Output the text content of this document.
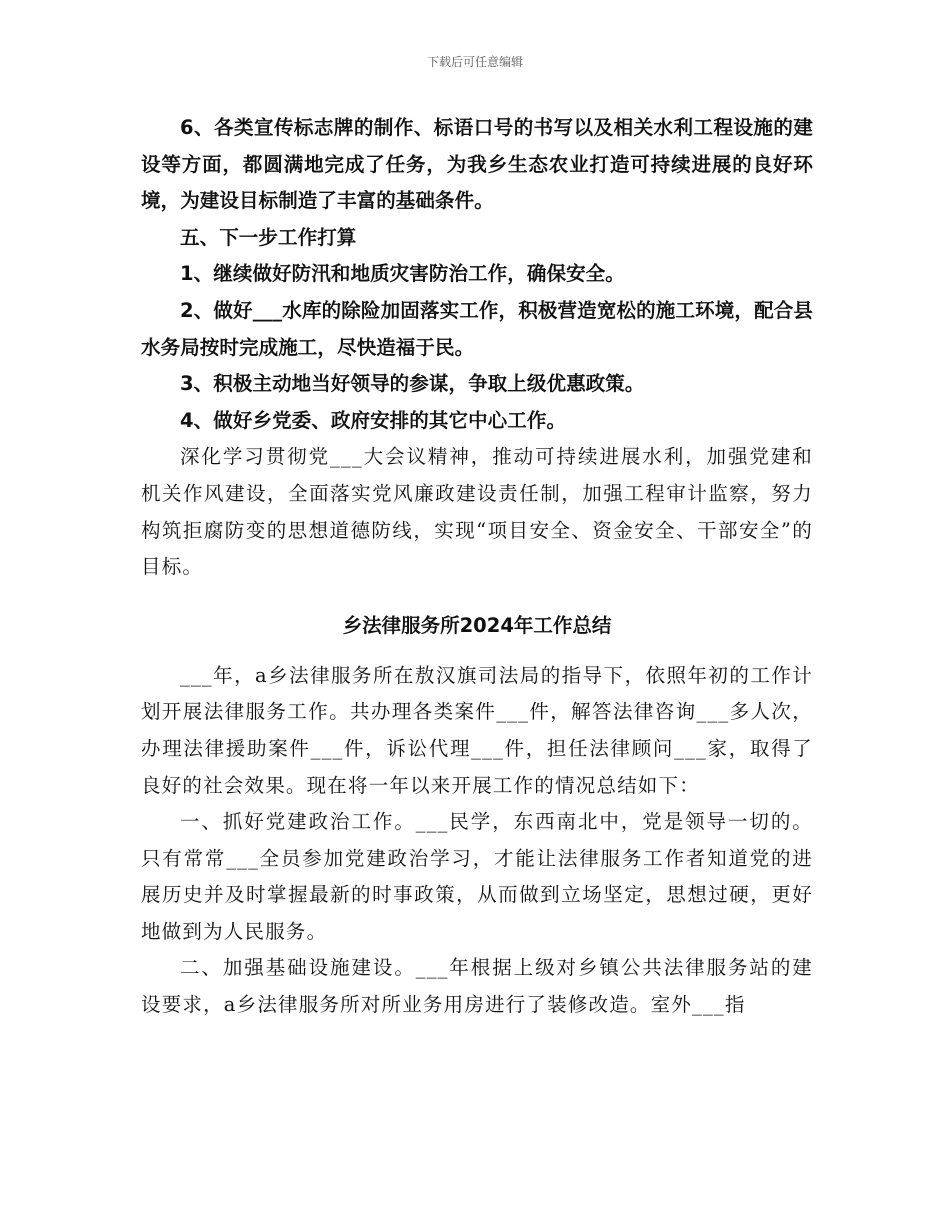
下载后可任意编辑

6、各类宣传标志牌的制作、标语口号的书写以及相关水利工程设施的建设等方面，都圆满地完成了任务，为我乡生态农业打造可持续进展的良好环境，为建设目标制造了丰富的基础条件。

五、下一步工作打算

1、继续做好防汛和地质灾害防治工作，确保安全。

2、做好___水库的除险加固落实工作，积极营造宽松的施工环境，配合县水务局按时完成施工，尽快造福于民。

3、积极主动地当好领导的参谋，争取上级优惠政策。

4、做好乡党委、政府安排的其它中心工作。

深化学习贯彻党___大会议精神，推动可持续进展水利，加强党建和机关作风建设，全面落实党风廉政建设责任制，加强工程审计监察，努力构筑拒腐防变的思想道德防线，实现“项目安全、资金安全、干部安全”的目标。

乡法律服务所2024年工作总结

___年，a乡法律服务所在敖汉旗司法局的指导下，依照年初的工作计划开展法律服务工作。共办理各类案件___件，解答法律咨询___多人次，办理法律援助案件___件，诉讼代理___件，担任法律顾问___家，取得了良好的社会效果。现在将一年以来开展工作的情况总结如下：

一、抓好党建政治工作。___民学，东西南北中，党是领导一切的。只有常常___全员参加党建政治学习，才能让法律服务工作者知道党的进展历史并及时掌握最新的时事政策，从而做到立场坚定，思想过硬，更好地做到为人民服务。

二、加强基础设施建设。___年根据上级对乡镇公共法律服务站的建设要求，a乡法律服务所对所业务用房进行了装修改造。室外___指
